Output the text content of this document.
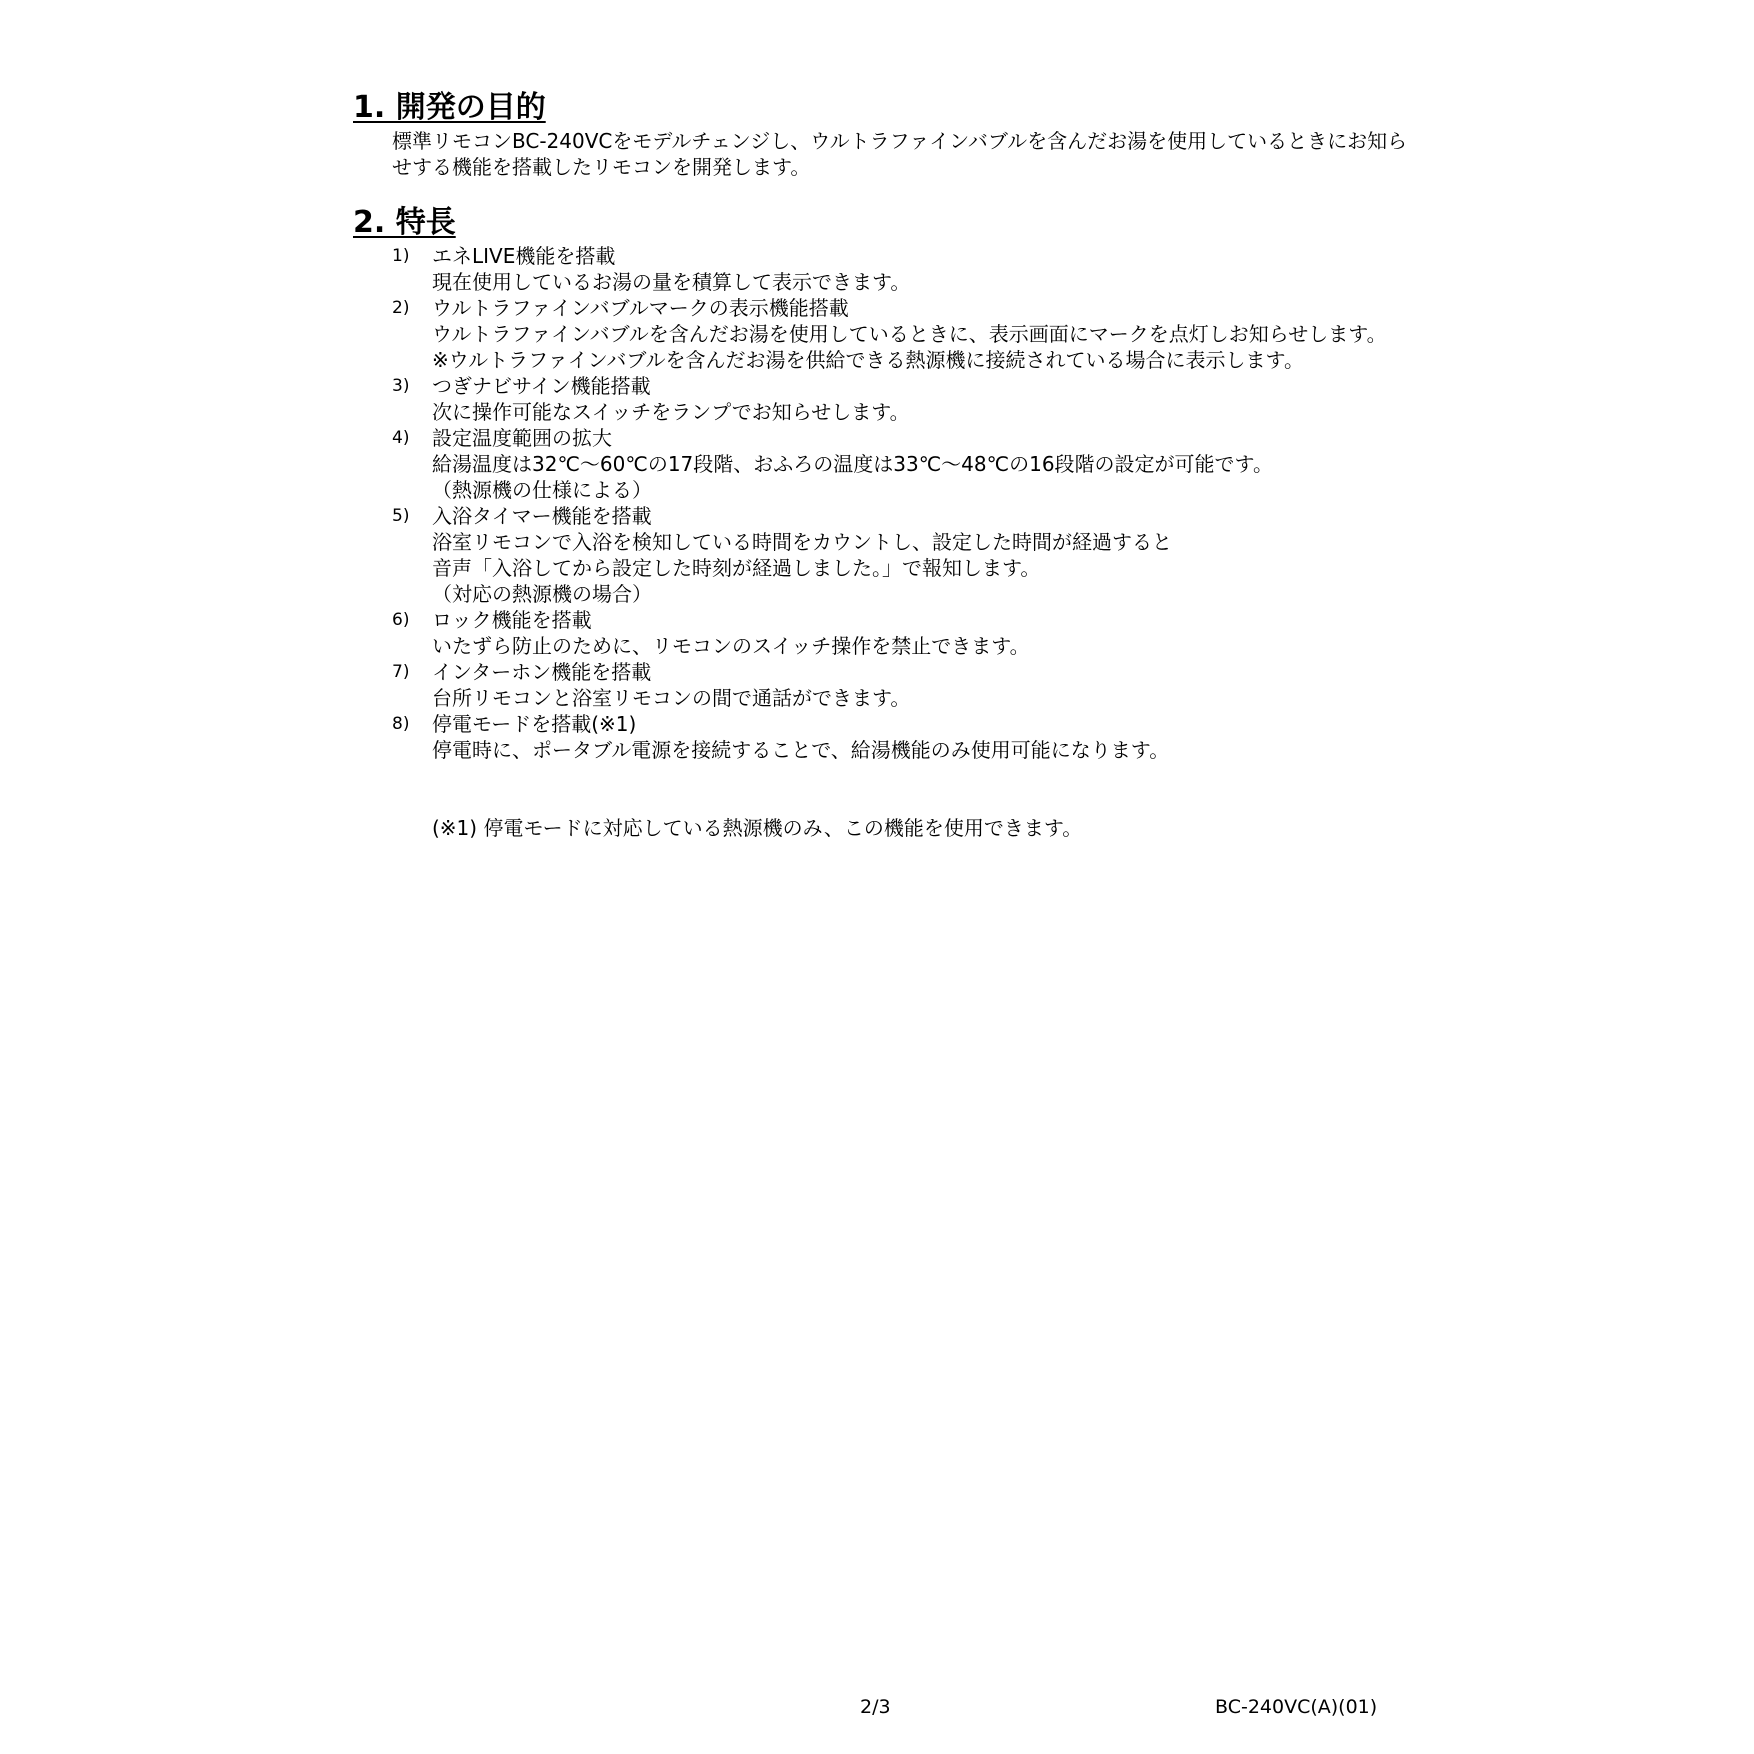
1. 開発の目的

標準リモコンBC-240VCをモデルチェンジし、ウルトラファインバブルを含んだお湯を使用しているときにお知らせする機能を搭載したリモコンを開発します。

2. 特長
1) エネLIVE機能を搭載
現在使用しているお湯の量を積算して表示できます。
2) ウルトラファインバブルマークの表示機能搭載
ウルトラファインバブルを含んだお湯を使用しているときに、表示画面にマークを点灯しお知らせします。
※ウルトラファインバブルを含んだお湯を供給できる熱源機に接続されている場合に表示します。
3) つぎナビサイン機能搭載
次に操作可能なスイッチをランプでお知らせします。
4) 設定温度範囲の拡大
給湯温度は32℃～60℃の17段階、おふろの温度は33℃～48℃の16段階の設定が可能です。
（熱源機の仕様による）
5) 入浴タイマー機能を搭載
浴室リモコンで入浴を検知している時間をカウントし、設定した時間が経過すると
音声「入浴してから設定した時刻が経過しました。」で報知します。
（対応の熱源機の場合）
6) ロック機能を搭載
いたずら防止のために、リモコンのスイッチ操作を禁止できます。
7) インターホン機能を搭載
台所リモコンと浴室リモコンの間で通話ができます。
8) 停電モードを搭載(※1)
停電時に、ポータブル電源を接続することで、給湯機能のみ使用可能になります。
(※1) 停電モードに対応している熱源機のみ、この機能を使用できます。
2/3	BC-240VC(A)(01)
